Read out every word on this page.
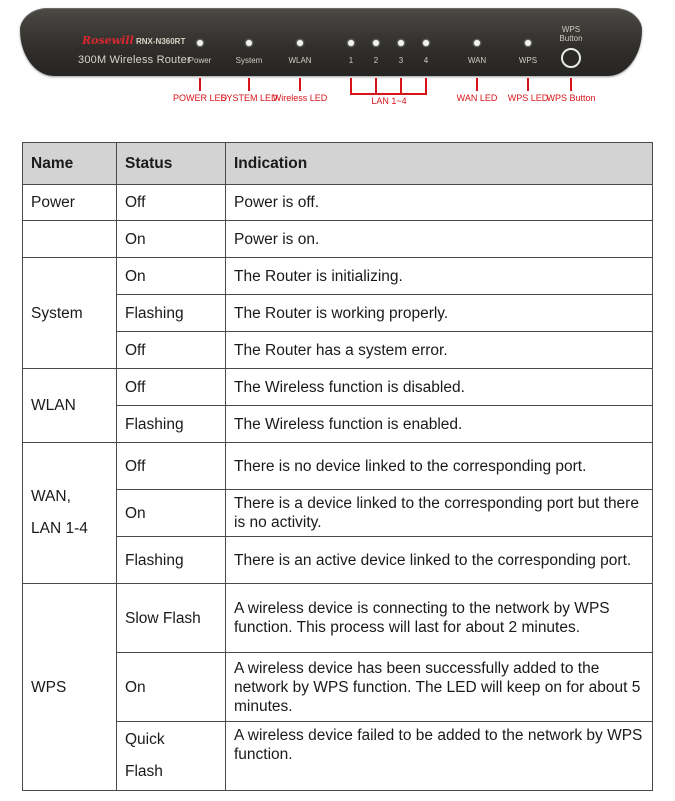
Rosewill RNX-N360RT
300M Wireless Router
Power	System	WLAN	1	2	3	4	WAN	WPS
WPS Button
POWER LED
SYSTEM LED
Wireless LED	LAN 1~4	WAN LED	WPS LED
WPS Button
Name	Status	Indication
Power	Off	Power is off.
	On	Power is on.
System	On	The Router is initializing.
	Flashing	The Router is working properly.
	Off	The Router has a system error.
WLAN	Off	The Wireless function is disabled.
	Flashing	The Wireless function is enabled.
WAN, LAN 1-4	Off	There is no device linked to the corresponding port.
	On	There is a device linked to the corresponding port but there is no activity.
	Flashing	There is an active device linked to the corresponding port.
WPS	Slow Flash	A wireless device is connecting to the network by WPS function. This process will last for about 2 minutes.
	On	A wireless device has been successfully added to the network by WPS function. The LED will keep on for about 5 minutes.
	Quick Flash	A wireless device failed to be added to the network by WPS function.
